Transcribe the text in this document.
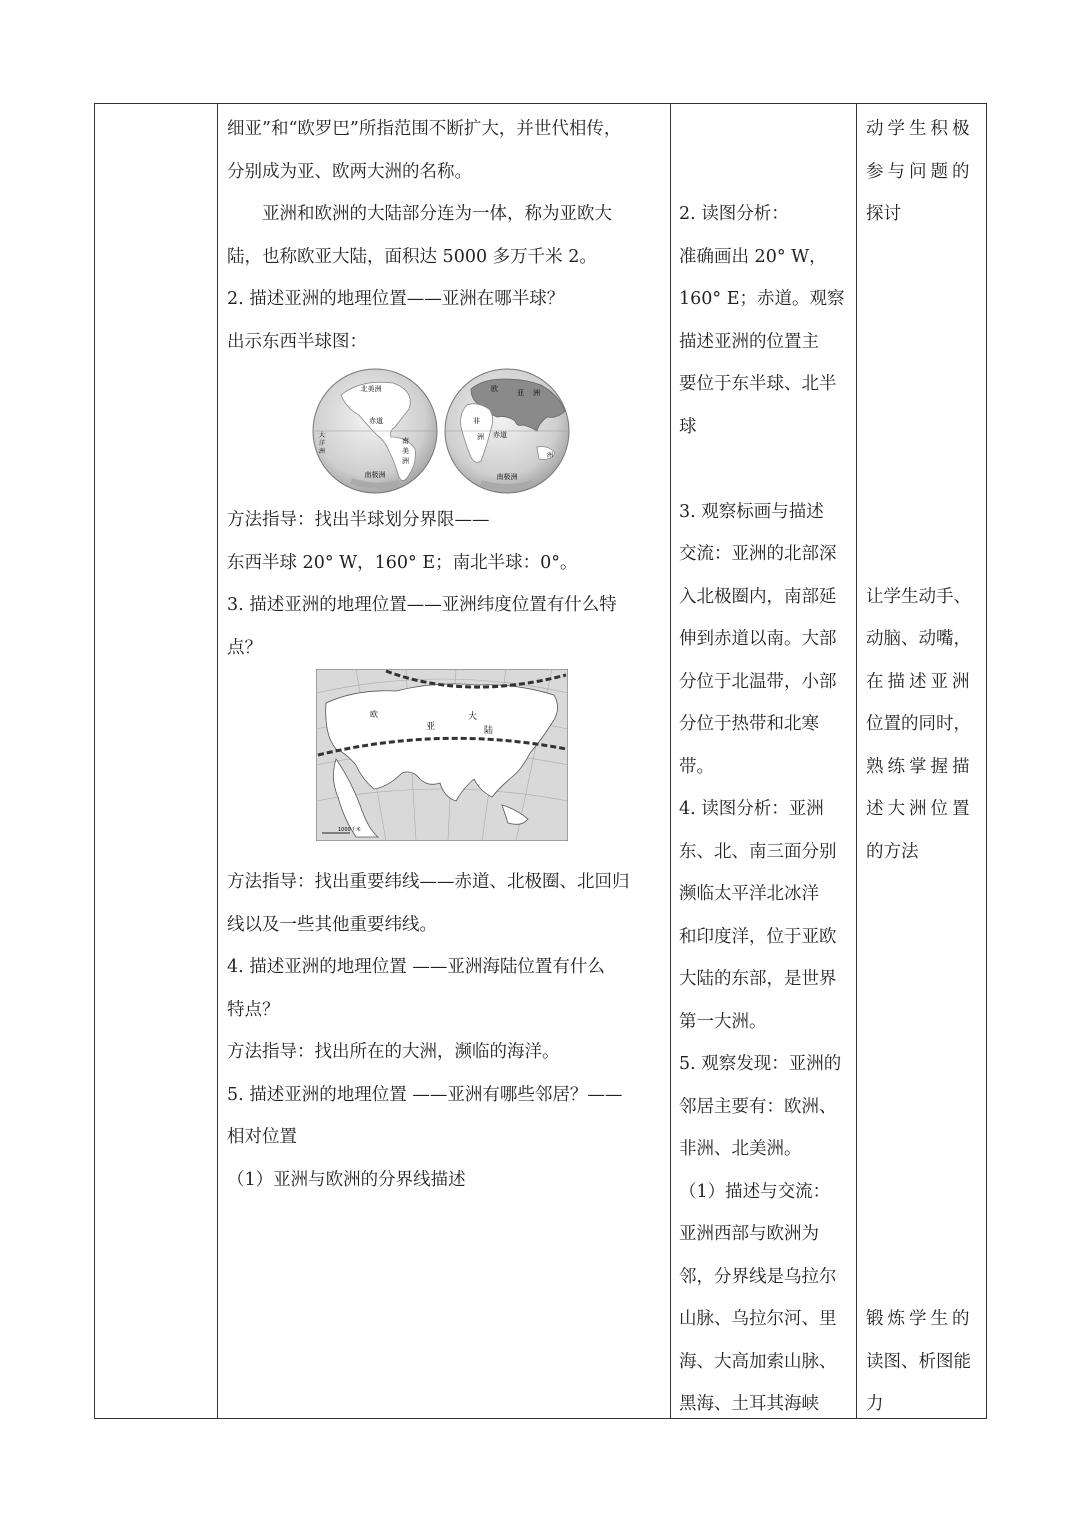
细亚”和“欧罗巴”所指范围不断扩大，并世代相传，

分别成为亚、欧两大洲的名称。

亚洲和欧洲的大陆部分连为一体，称为亚欧大

陆，也称欧亚大陆，面积达 5000 多万千米 2。

2. 描述亚洲的地理位置——亚洲在哪半球？

出示东西半球图：

北美洲
南
美
洲
赤道
大
洋
洲
南极洲
欧	亚 洲
非
洲 赤道
洲
南极洲

方法指导：找出半球划分界限——

东西半球 20° W，160° E；南北半球：0°。

3. 描述亚洲的地理位置——亚洲纬度位置有什么特

点？

亚
欧	大
陆
1000千米

方法指导：找出重要纬线——赤道、北极圈、北回归

线以及一些其他重要纬线。

4. 描述亚洲的地理位置 ——亚洲海陆位置有什么

特点？

方法指导：找出所在的大洲，濒临的海洋。

5. 描述亚洲的地理位置 ——亚洲有哪些邻居？——

相对位置

（1）亚洲与欧洲的分界线描述

2. 读图分析：

准确画出 20° W，

160° E；赤道。观察

描述亚洲的位置主

要位于东半球、北半

球

3. 观察标画与描述

交流：亚洲的北部深

入北极圈内，南部延

伸到赤道以南。大部

分位于北温带，小部

分位于热带和北寒

带。

4. 读图分析：亚洲

东、北、南三面分别

濒临太平洋北冰洋

和印度洋，位于亚欧

大陆的东部，是世界

第一大洲。

5. 观察发现：亚洲的

邻居主要有：欧洲、

非洲、北美洲。

（1）描述与交流：

亚洲西部与欧洲为

邻，分界线是乌拉尔

山脉、乌拉尔河、里

海、大高加索山脉、

黑海、土耳其海峡

动学生积极

参与问题的

探讨

让学生动手、

动脑、动嘴，

在描述亚洲

位置的同时，

熟练掌握描

述大洲位置

的方法

锻炼学生的

读图、析图能

力
